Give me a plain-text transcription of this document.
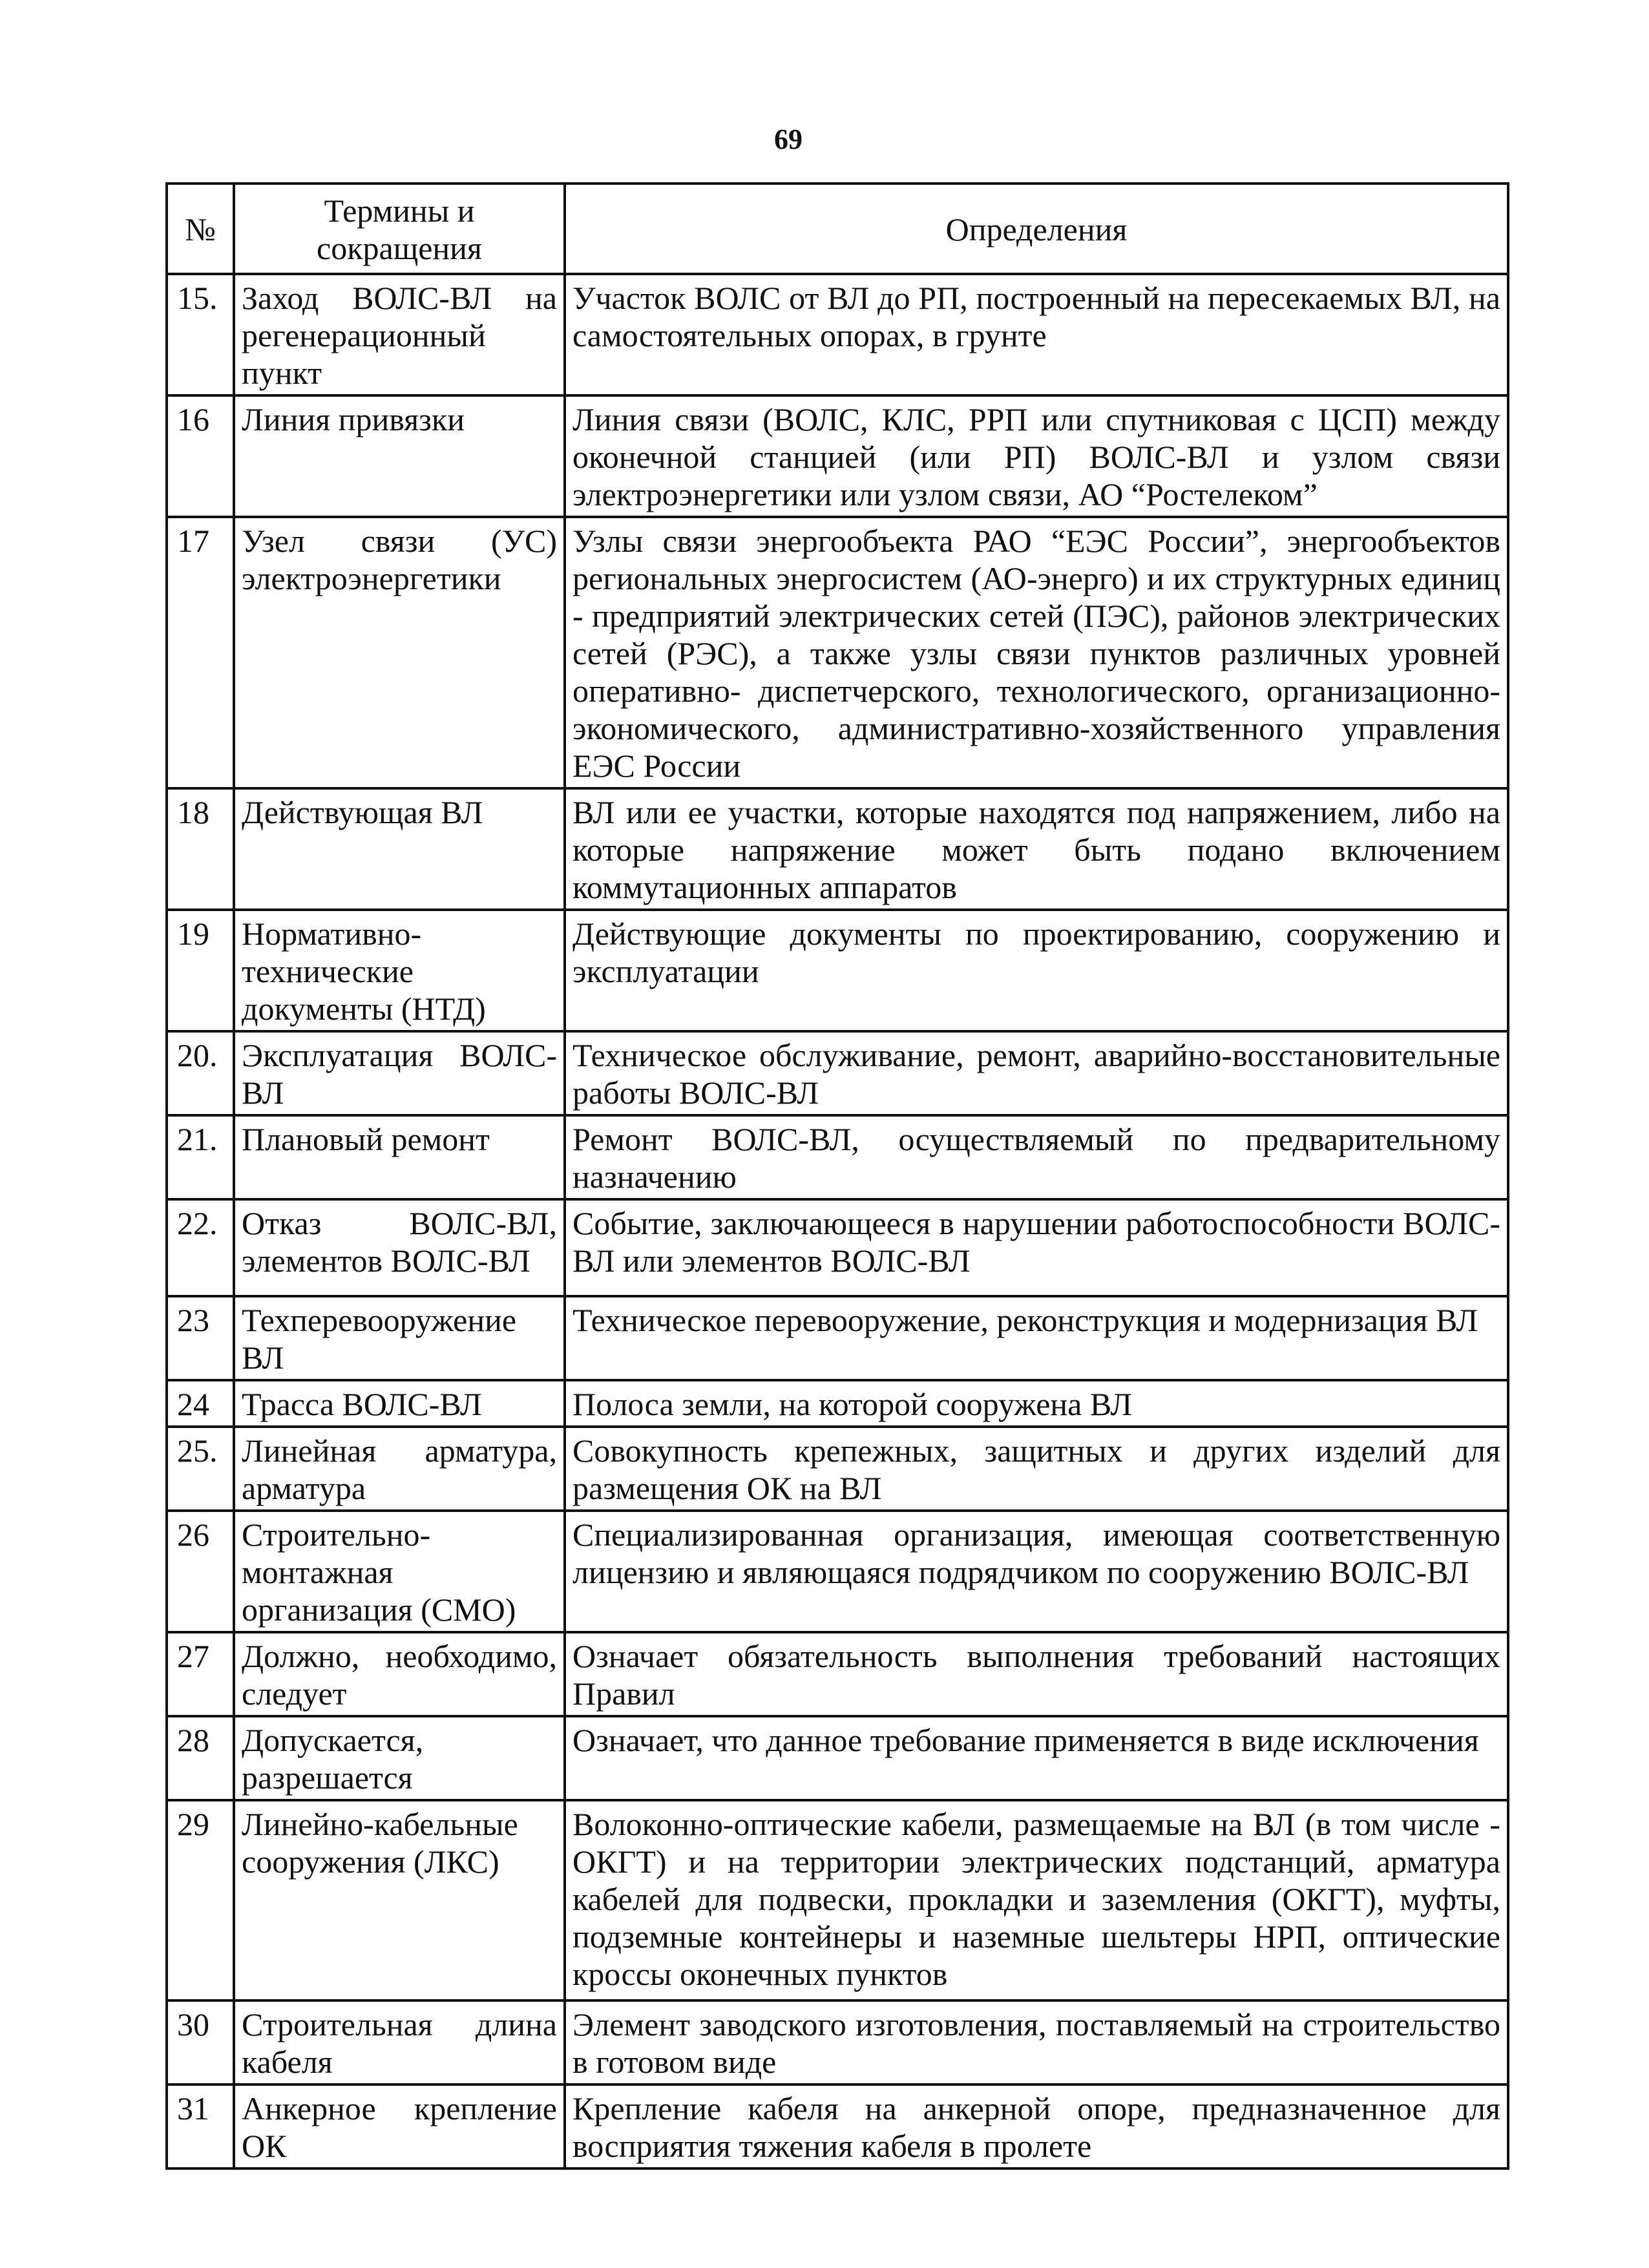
69
№	Термины и сокращения	Определения
15.	Заход ВОЛС-ВЛ на регенерационный пункт	Участок ВОЛС от ВЛ до РП, построенный на пересекаемых ВЛ, на самостоятельных опорах, в грунте
16	Линия привязки	Линия связи (ВОЛС, КЛС, РРП или спутниковая с ЦСП) между оконечной станцией (или РП) ВОЛС-ВЛ и узлом связи электроэнергетики или узлом связи, АО “Ростелеком”
17	Узел связи (УС) электроэнергетики	Узлы связи энергообъекта РАО “ЕЭС России”, энергообъектов региональных энергосистем (АО-энерго) и их структурных единиц - предприятий электрических сетей (ПЭС), районов электрических сетей (РЭС), а также узлы связи пунктов различных уровней оперативно- диспетчерского, технологического, организационно-экономического, административно-хозяйственного управления ЕЭС России
18	Действующая ВЛ	ВЛ или ее участки, которые находятся под напряжением, либо на которые напряжение может быть подано включением коммутационных аппаратов
19	Нормативно-технические документы (НТД)	Действующие документы по проектированию, сооружению и эксплуатации
20.	Эксплуатация ВОЛС-ВЛ	Техническое обслуживание, ремонт, аварийно-восстановительные работы ВОЛС-ВЛ
21.	Плановый ремонт	Ремонт ВОЛС-ВЛ, осуществляемый по предварительному назначению
22.	Отказ ВОЛС-ВЛ, элементов ВОЛС-ВЛ	Событие, заключающееся в нарушении работоспособности ВОЛС-ВЛ или элементов ВОЛС-ВЛ
23	Техперевооружение ВЛ	Техническое перевооружение, реконструкция и модернизация ВЛ
24	Трасса ВОЛС-ВЛ	Полоса земли, на которой сооружена ВЛ
25.	Линейная арматура, арматура	Совокупность крепежных, защитных и других изделий для размещения ОК на ВЛ
26	Строительно-монтажная организация (СМО)	Специализированная организация, имеющая соответственную лицензию и являющаяся подрядчиком по сооружению ВОЛС-ВЛ
27	Должно, необходимо, следует	Означает обязательность выполнения требований настоящих Правил
28	Допускается, разрешается	Означает, что данное требование применяется в виде исключения
29	Линейно-кабельные сооружения (ЛКС)	Волоконно-оптические кабели, размещаемые на ВЛ (в том числе - ОКГТ) и на территории электрических подстанций, арматура кабелей для подвески, прокладки и заземления (ОКГТ), муфты, подземные контейнеры и наземные шельтеры НРП, оптические кроссы оконечных пунктов
30	Строительная длина кабеля	Элемент заводского изготовления, поставляемый на строительство в готовом виде
31	Анкерное крепление ОК	Крепление кабеля на анкерной опоре, предназначенное для восприятия тяжения кабеля в пролете
